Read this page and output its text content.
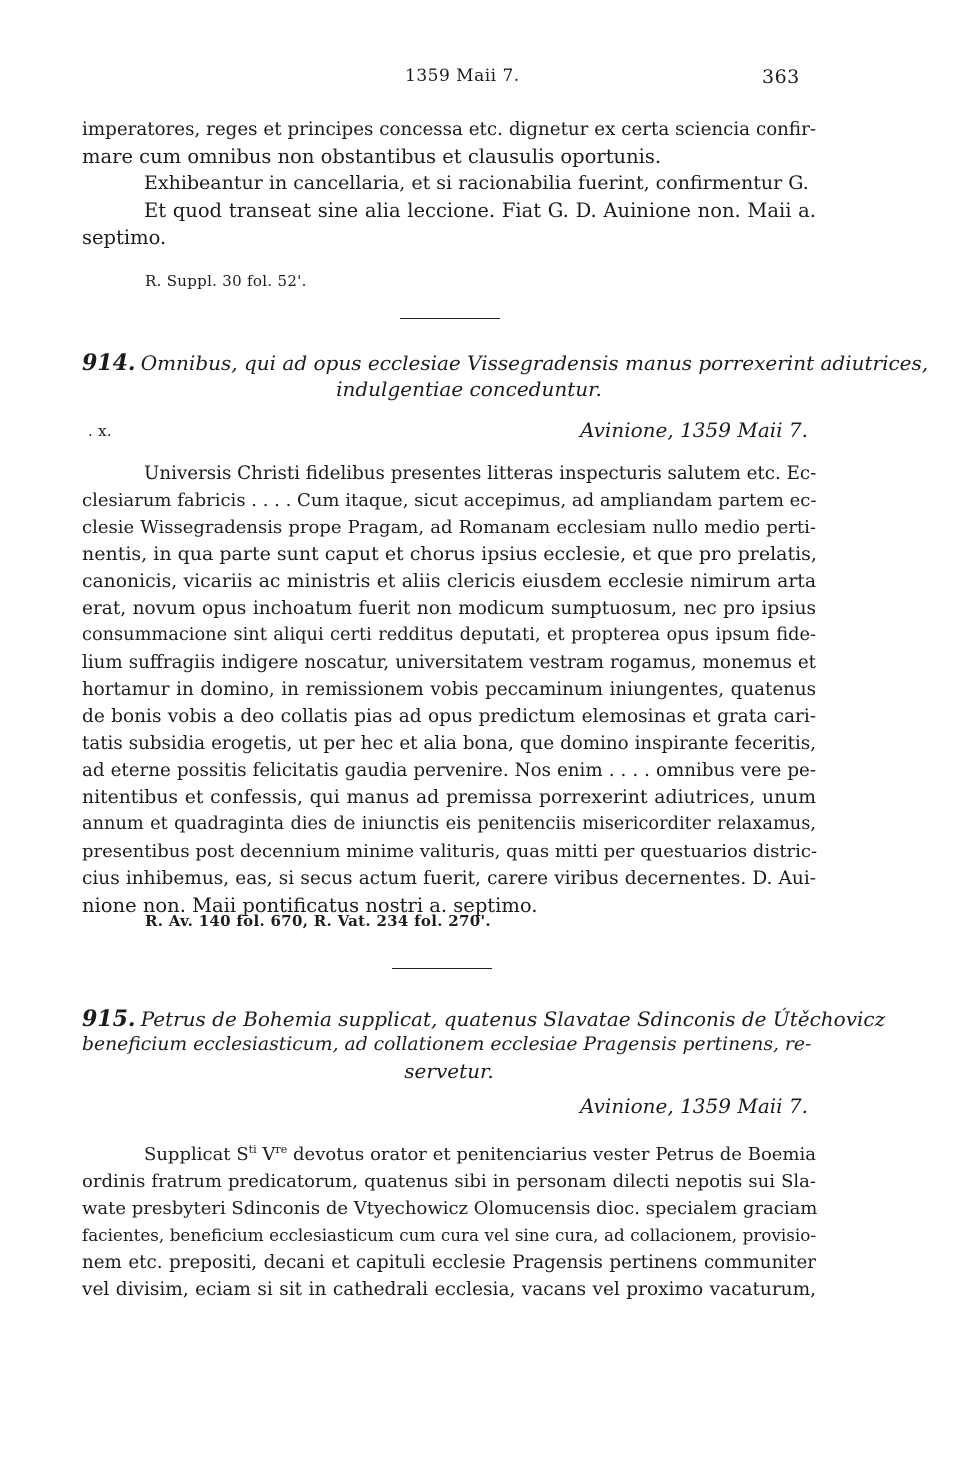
1359 Maii 7.	363
imperatores, reges et principes concessa etc. dignetur ex certa sciencia confir-
mare cum omnibus non obstantibus et clausulis oportunis.
Exhibeantur in cancellaria, et si racionabilia fuerint, confirmentur G.
Et quod transeat sine alia leccione. Fiat G. D. Auinione non. Maii a.
septimo.
R. Suppl. 30 fol. 52'.
914. Omnibus, qui ad opus ecclesiae Vissegradensis manus porrexerint adiutrices,
indulgentiae conceduntur.
. x.	Avinione, 1359 Maii 7.
Universis Christi fidelibus presentes litteras inspecturis salutem etc. Ec-
clesiarum fabricis . . . . Cum itaque, sicut accepimus, ad ampliandam partem ec-
clesie Wissegradensis prope Pragam, ad Romanam ecclesiam nullo medio perti-
nentis, in qua parte sunt caput et chorus ipsius ecclesie, et que pro prelatis,
canonicis, vicariis ac ministris et aliis clericis eiusdem ecclesie nimirum arta
erat, novum opus inchoatum fuerit non modicum sumptuosum, nec pro ipsius
consummacione sint aliqui certi redditus deputati, et propterea opus ipsum fide-
lium suffragiis indigere noscatur, universitatem vestram rogamus, monemus et
hortamur in domino, in remissionem vobis peccaminum iniungentes, quatenus
de bonis vobis a deo collatis pias ad opus predictum elemosinas et grata cari-
tatis subsidia erogetis, ut per hec et alia bona, que domino inspirante feceritis,
ad eterne possitis felicitatis gaudia pervenire. Nos enim . . . . omnibus vere pe-
nitentibus et confessis, qui manus ad premissa porrexerint adiutrices, unum
annum et quadraginta dies de iniunctis eis penitenciis misericorditer relaxamus,
presentibus post decennium minime valituris, quas mitti per questuarios distric-
cius inhibemus, eas, si secus actum fuerit, carere viribus decernentes. D. Aui-
nione non. Maii pontificatus nostri a. septimo.
R. Av. 140 fol. 670, R. Vat. 234 fol. 270'.
915. Petrus de Bohemia supplicat, quatenus Slavatae Sdinconis de Útěchovicz
beneficium ecclesiasticum, ad collationem ecclesiae Pragensis pertinens, re-
servetur.
Avinione, 1359 Maii 7.
Supplicat $S^{ti}$ Vre devotus orator et penitenciarius vester Petrus de Boemia
ordinis fratrum predicatorum, quatenus sibi in personam dilecti nepotis sui Sla-
wate presbyteri Sdinconis de Vtyechowicz Olomucensis dioc. specialem graciam
facientes, beneficium ecclesiasticum cum cura vel sine cura, ad collacionem, provisio-
nem etc. prepositi, decani et capituli ecclesie Pragensis pertinens communiter
vel divisim, eciam si sit in cathedrali ecclesia, vacans vel proximo vacaturum,
